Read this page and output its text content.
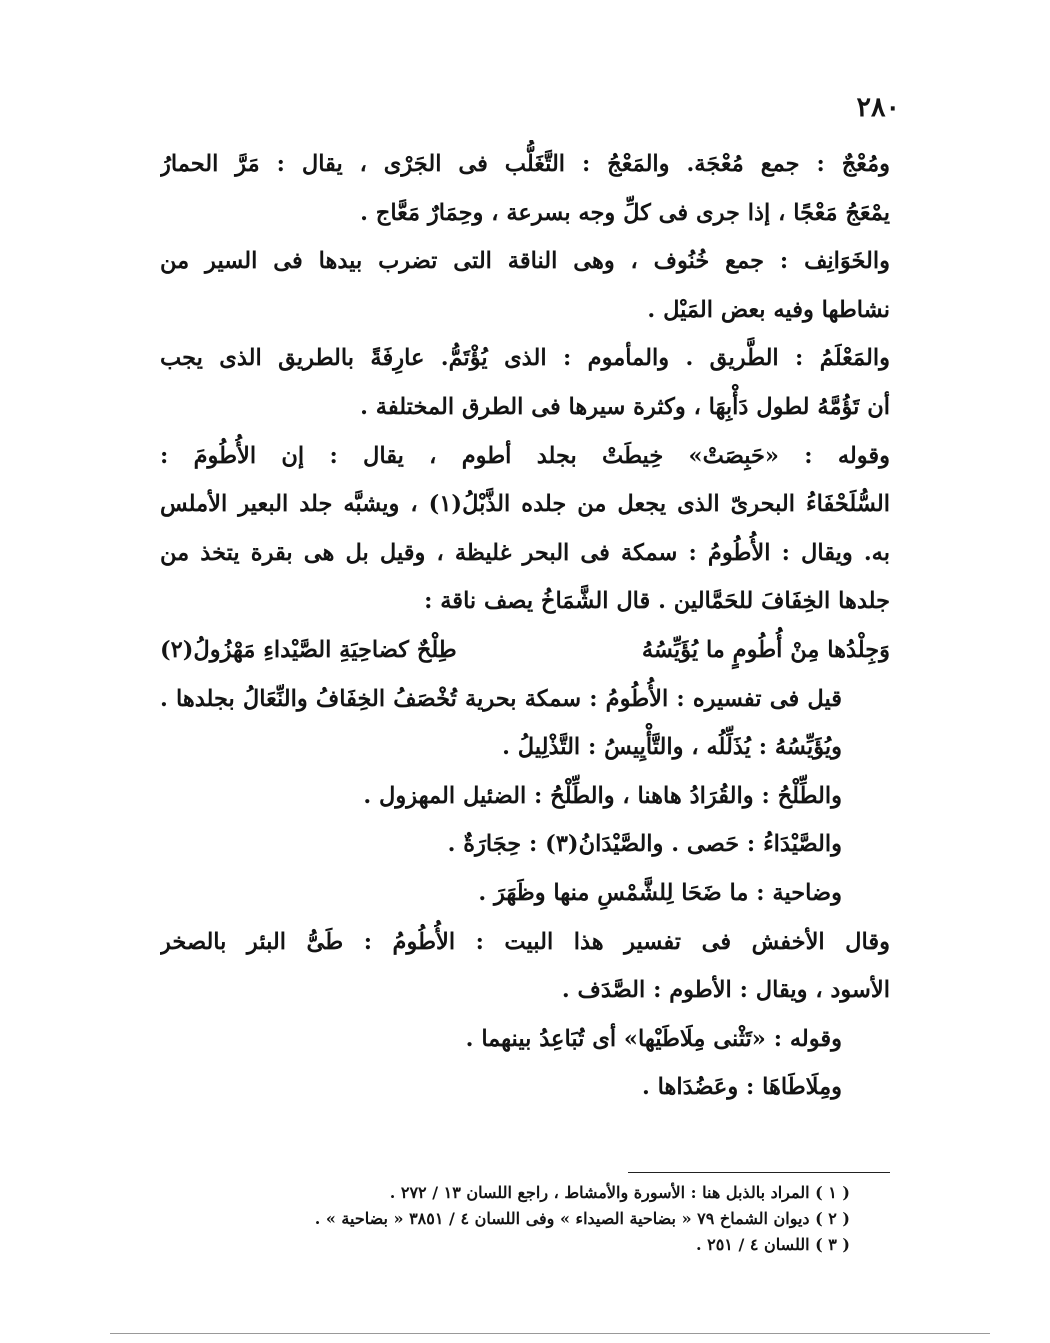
٢٨٠
ومُعْجٌ : جمع مُعْجَة. والمَعْجُ : التَّغَلُّب فى الجَرْى ، يقال : مَرَّ الحمارُ
يمْعَجُ مَعْجًا ، إذا جرى فى كلِّ وجه بسرعة ، وحِمَارٌ مَعَّاج .
والخَوَانِف : جمع خُنُوف ، وهى الناقة التى تضرب بيدها فى السير من
نشاطها وفيه بعض المَيْل .
والمَعْلَمُ : الطَّريق . والمأموم : الذى يُؤْتَمُّ. عارِفَةً بالطريق الذى يجب
أن تَؤُمَّهُ لطول دَأْبِهَا ، وكثرة سيرها فى الطرق المختلفة .
وقوله : «حَبِصَتْ» خِيطَتْ بجلد أطوم ، يقال : إن الأُطُومَ :
السُّلَحْفَاءُ البحرىّ الذى يجعل من جلده الذَّبْلُ(١) ، ويشبَّه جلد البعير الأملس
به. ويقال : الأُطُومُ : سمكة فى البحر غليظة ، وقيل بل هى بقرة يتخذ من
جلدها الخِفَافَ للحَمَّالين . قال الشَّمَاخُ يصف ناقة :
وَجِلْدُها مِنْ أُطُومٍ ما يُؤَيِّسُهُ
طِلْحٌ كضاحِيَةِ الصَّيْداءِ مَهْزُولُ(٢)
قيل فى تفسيره : الأُطُومُ : سمكة بحرية تُخْصَفُ الخِفَافُ والنِّعَالُ بجلدها .
ويُؤَيِّسُهُ : يُذَلِّلُه ، والتَّأْيِيسُ : التَّذْلِيلُ .
والطِّلْحُ : والقُرَادُ هاهنا ، والطِّلْحُ : الضئيل المهزول .
والصَّيْدَاءُ : حَصى . والصَّيْدَانُ(٣) : حِجَارَةٌ .
وضاحية : ما ضَحَا لِلشَّمْسِ منها وظَهَرَ .
وقال الأخفش فى تفسير هذا البيت : الأُطُومُ : طَىُّ البئر بالصخر
الأسود ، ويقال : الأطوم : الصَّدَف .
وقوله : «تَثْنى مِلَاطَيْها» أى تُبَاعِدُ بينهما .
ومِلَاطَاهَا : وعَضُدَاها .
( ١ ) المراد بالذبل هنا : الأسورة والأمشاط ، راجع اللسان ١٣ / ٢٧٢ .
( ٢ ) ديوان الشماخ ٧٩ « بضاحية الصيداء » وفى اللسان ٤ / ٣٨٥١ « بضاحية » .
( ٣ ) اللسان ٤ / ٢٥١ .
